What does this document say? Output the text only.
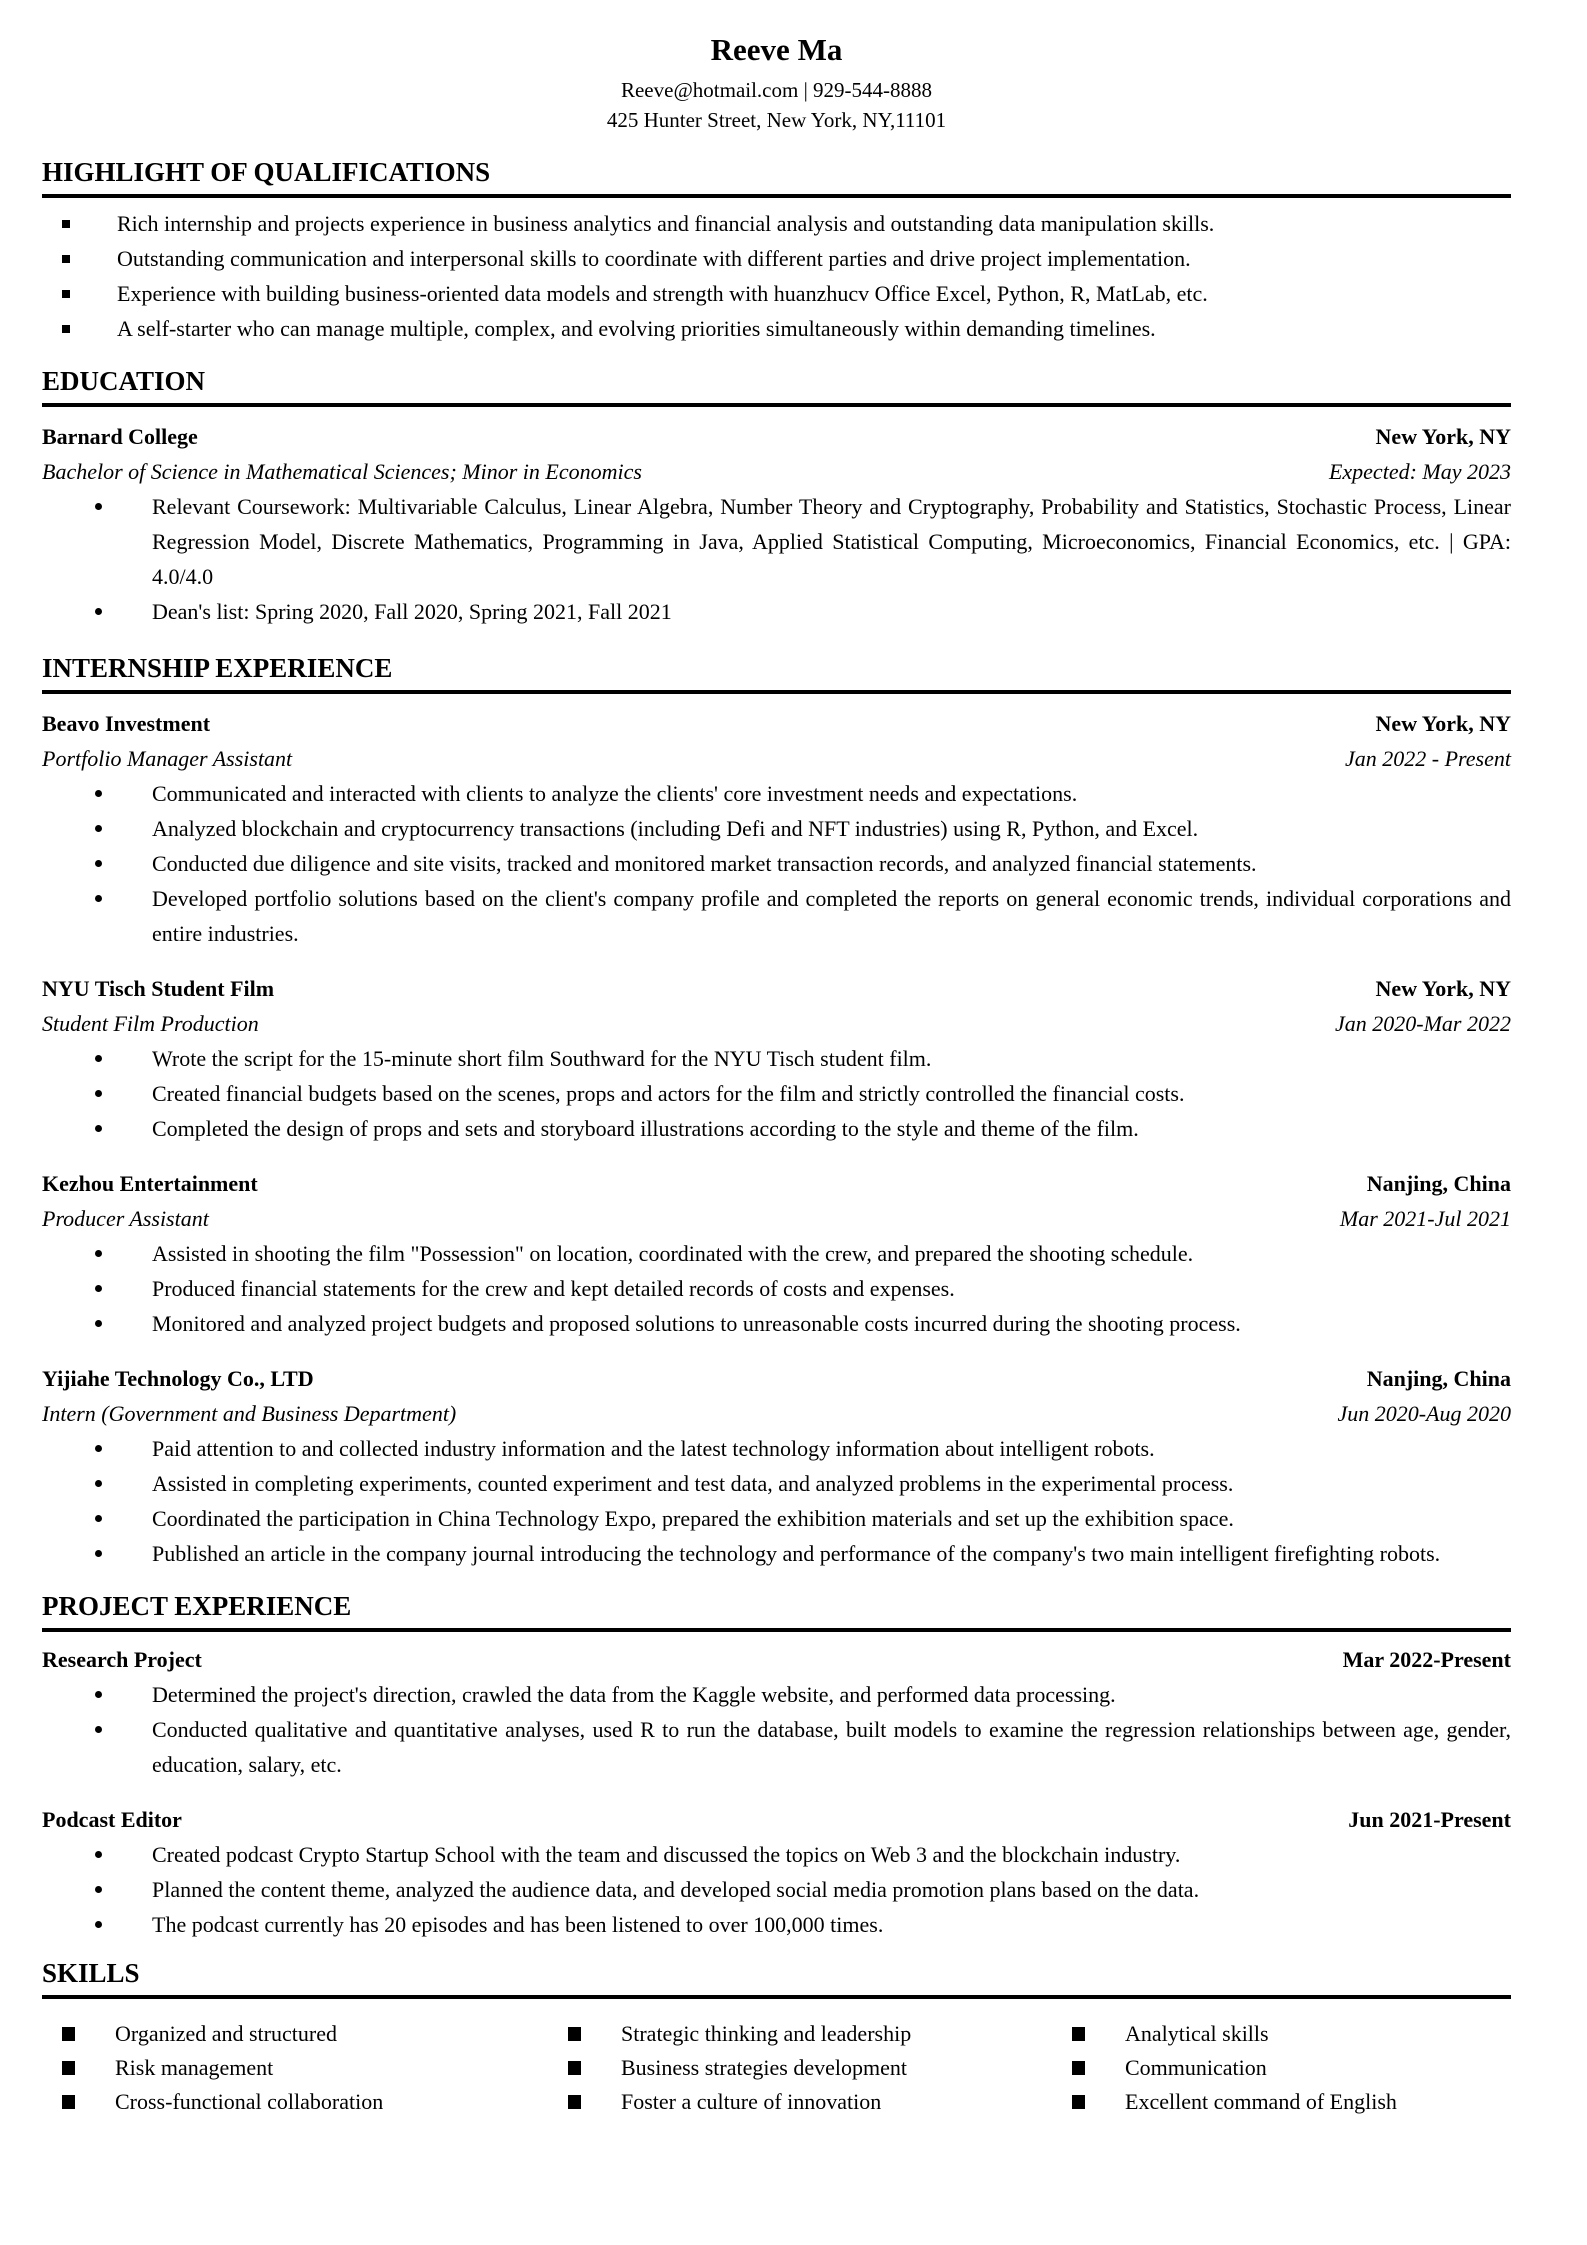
Reeve Ma
Reeve@hotmail.com | 929-544-8888
425 Hunter Street, New York, NY,11101
HIGHLIGHT OF QUALIFICATIONS
Rich internship and projects experience in business analytics and financial analysis and outstanding data manipulation skills.
Outstanding communication and interpersonal skills to coordinate with different parties and drive project implementation.
Experience with building business-oriented data models and strength with huanzhucv Office Excel, Python, R, MatLab, etc.
A self-starter who can manage multiple, complex, and evolving priorities simultaneously within demanding timelines.
EDUCATION
Barnard College	New York, NY
Bachelor of Science in Mathematical Sciences; Minor in Economics	Expected: May 2023
Relevant Coursework: Multivariable Calculus, Linear Algebra, Number Theory and Cryptography, Probability and Statistics, Stochastic Process, Linear Regression Model, Discrete Mathematics, Programming in Java, Applied Statistical Computing, Microeconomics, Financial Economics, etc. | GPA: 4.0/4.0
Dean's list: Spring 2020, Fall 2020, Spring 2021, Fall 2021
INTERNSHIP EXPERIENCE
Beavo Investment	New York, NY
Portfolio Manager Assistant	Jan 2022 - Present
Communicated and interacted with clients to analyze the clients' core investment needs and expectations.
Analyzed blockchain and cryptocurrency transactions (including Defi and NFT industries) using R, Python, and Excel.
Conducted due diligence and site visits, tracked and monitored market transaction records, and analyzed financial statements.
Developed portfolio solutions based on the client's company profile and completed the reports on general economic trends, individual corporations and entire industries.
NYU Tisch Student Film	New York, NY
Student Film Production	Jan 2020-Mar 2022
Wrote the script for the 15-minute short film Southward for the NYU Tisch student film.
Created financial budgets based on the scenes, props and actors for the film and strictly controlled the financial costs.
Completed the design of props and sets and storyboard illustrations according to the style and theme of the film.
Kezhou Entertainment	Nanjing, China
Producer Assistant	Mar 2021-Jul 2021
Assisted in shooting the film "Possession" on location, coordinated with the crew, and prepared the shooting schedule.
Produced financial statements for the crew and kept detailed records of costs and expenses.
Monitored and analyzed project budgets and proposed solutions to unreasonable costs incurred during the shooting process.
Yijiahe Technology Co., LTD	Nanjing, China
Intern (Government and Business Department)	Jun 2020-Aug 2020
Paid attention to and collected industry information and the latest technology information about intelligent robots.
Assisted in completing experiments, counted experiment and test data, and analyzed problems in the experimental process.
Coordinated the participation in China Technology Expo, prepared the exhibition materials and set up the exhibition space.
Published an article in the company journal introducing the technology and performance of the company's two main intelligent firefighting robots.
PROJECT EXPERIENCE
Research Project	Mar 2022-Present
Determined the project's direction, crawled the data from the Kaggle website, and performed data processing.
Conducted qualitative and quantitative analyses, used R to run the database, built models to examine the regression relationships between age, gender, education, salary, etc.
Podcast Editor	Jun 2021-Present
Created podcast Crypto Startup School with the team and discussed the topics on Web 3 and the blockchain industry.
Planned the content theme, analyzed the audience data, and developed social media promotion plans based on the data.
The podcast currently has 20 episodes and has been listened to over 100,000 times.
SKILLS
Organized and structured	Strategic thinking and leadership	Analytical skills
Risk management	Business strategies development	Communication
Cross-functional collaboration	Foster a culture of innovation	Excellent command of English
